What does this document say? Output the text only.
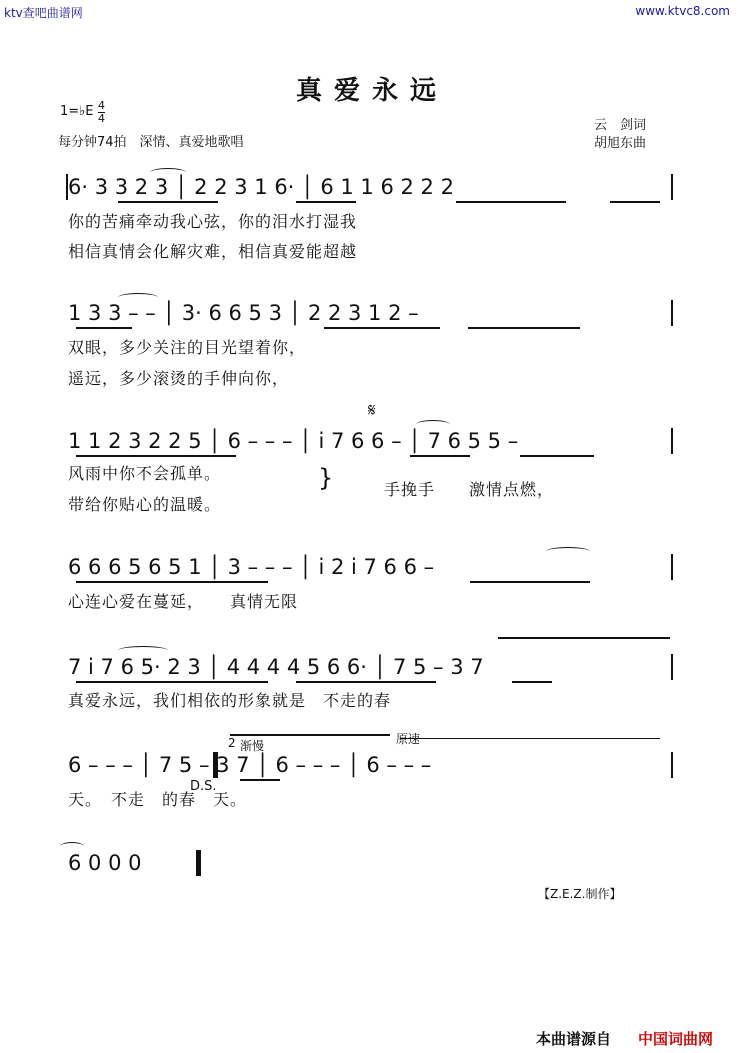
ktv查吧曲谱网	www.ktvc8.com
真爱永远
1=♭E 4
4
每分钟74拍　深情、真爱地歌唱
云　剑词
胡旭东曲
6· 3 3 2 3 │ 2 2 3 1 6· │ 6 1 1 6 2 2 2
你的苦痛牵动我心弦，你的泪水打湿我
相信真情会化解灾难，相信真爱能超越
1 3 3 – – │ 3· 6 6 5 3 │ 2 2 3 1 2 –
双眼，多少关注的目光望着你，
遥远，多少滚烫的手伸向你，
𝄋
1 1 2 3 2 2 5 │ 6 – – – │ i 7 6 6 – │ 7 6 5 5 –
风雨中你不会孤单。
带给你贴心的温暖。
}	手挽手　　激情点燃，
6 6 6 5 6 5 1 │ 3 – – – │ i 2 i 7 6 6 –
心连心爱在蔓延，　　真情无限
7 i 7 6 5· 2 3 │ 4 4 4 4 5 6 6· │ 7 5 – 3 7
真爱永远，我们相依的形象就是　不走的春
2 渐慢	原速
6 – – – │ 7 5 – 3 7 │ 6 – – – │ 6 – – –
D.S.
天。　不走　的春　天。
6 0 0 0
【Z.E.Z.制作】
本曲谱源自 中国词曲网
